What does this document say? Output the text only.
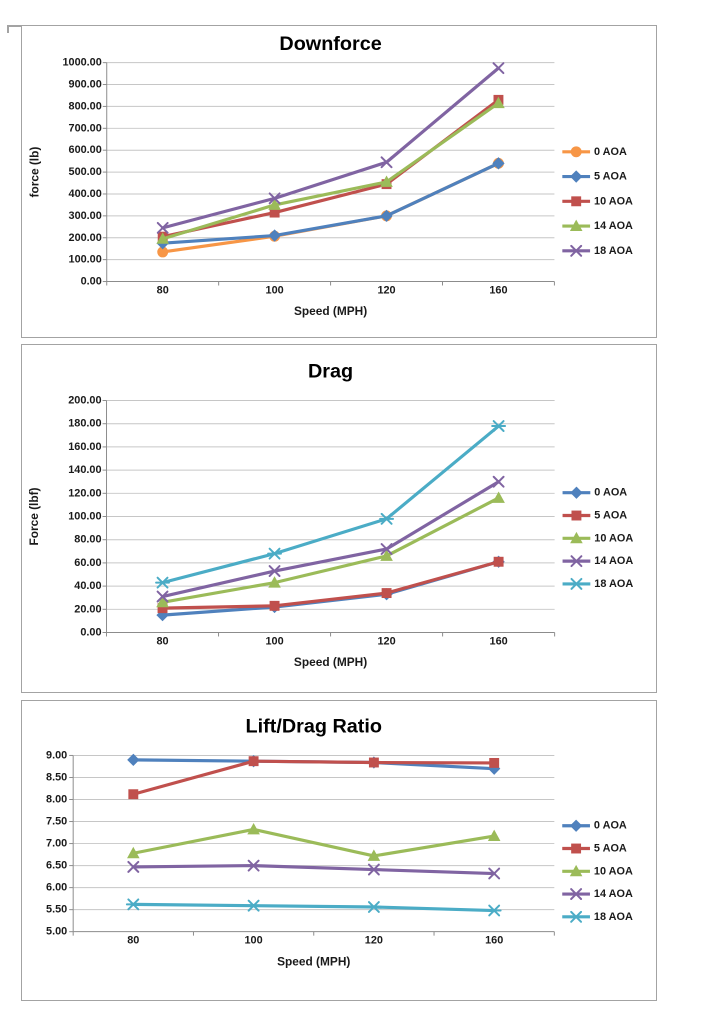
Downforce
0.00
100.00
200.00
300.00
400.00
500.00
600.00
700.00
800.00
900.00
1000.00
80	100	120	160
Speed (MPH)
force (lb)	0 AOA
5 AOA
10 AOA
14 AOA
18 AOA
Drag
0.00
20.00
40.00
60.00
80.00
100.00
120.00
140.00
160.00
180.00
200.00
80	100	120	160
Speed (MPH)
Force (lbf)	0 AOA
5 AOA
10 AOA
14 AOA
18 AOA
Lift/Drag Ratio
5.00
5.50
6.00
6.50
7.00
7.50
8.00
8.50
9.00
80	100	120	160
Speed (MPH)
0 AOA
5 AOA
10 AOA
14 AOA
18 AOA
